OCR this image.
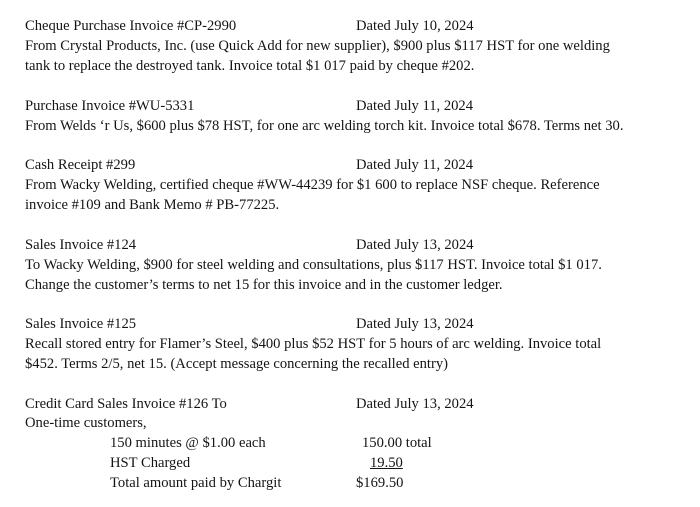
Cheque Purchase Invoice #CP-2990	Dated July 10, 2024
From Crystal Products, Inc. (use Quick Add for new supplier), $900 plus $117 HST for one welding
tank to replace the destroyed tank. Invoice total $1 017 paid by cheque #202.
Purchase Invoice #WU-5331	Dated July 11, 2024
From Welds ‘r Us, $600 plus $78 HST, for one arc welding torch kit. Invoice total $678. Terms net 30.
Cash Receipt #299	Dated July 11, 2024
From Wacky Welding, certified cheque #WW-44239 for $1 600 to replace NSF cheque. Reference
invoice #109 and Bank Memo # PB-77225.
Sales Invoice #124	Dated July 13, 2024
To Wacky Welding, $900 for steel welding and consultations, plus $117 HST. Invoice total $1 017.
Change the customer’s terms to net 15 for this invoice and in the customer ledger.
Sales Invoice #125	Dated July 13, 2024
Recall stored entry for Flamer’s Steel, $400 plus $52 HST for 5 hours of arc welding. Invoice total
$452. Terms 2/5, net 15. (Accept message concerning the recalled entry)
Credit Card Sales Invoice #126 To	Dated July 13, 2024
One-time customers,
150 minutes @ $1.00 each	150.00 total
HST Charged	19.50
Total amount paid by Chargit	$169.50
